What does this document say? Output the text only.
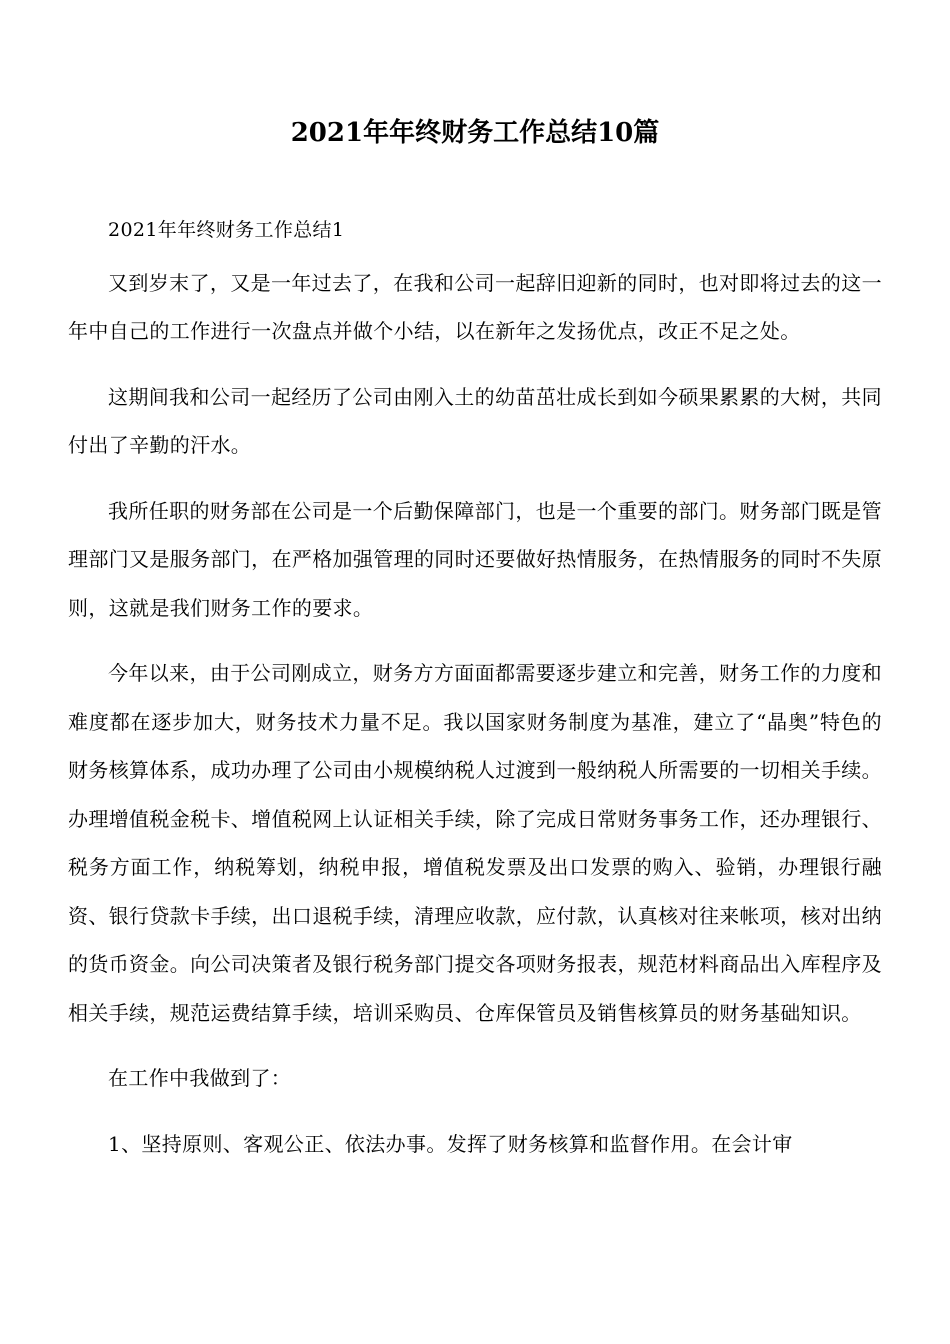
2021年年终财务工作总结10篇

2021年年终财务工作总结1

又到岁末了，又是一年过去了，在我和公司一起辞旧迎新的同时，也对即将过去的这一年中自己的工作进行一次盘点并做个小结，以在新年之发扬优点，改正不足之处。

这期间我和公司一起经历了公司由刚入土的幼苗茁壮成长到如今硕果累累的大树，共同付出了辛勤的汗水。

我所任职的财务部在公司是一个后勤保障部门，也是一个重要的部门。财务部门既是管理部门又是服务部门，在严格加强管理的同时还要做好热情服务，在热情服务的同时不失原则，这就是我们财务工作的要求。

今年以来，由于公司刚成立，财务方方面面都需要逐步建立和完善，财务工作的力度和难度都在逐步加大，财务技术力量不足。我以国家财务制度为基准，建立了“晶奥”特色的财务核算体系，成功办理了公司由小规模纳税人过渡到一般纳税人所需要的一切相关手续。办理增值税金税卡、增值税网上认证相关手续，除了完成日常财务事务工作，还办理银行、税务方面工作，纳税筹划，纳税申报，增值税发票及出口发票的购入、验销，办理银行融资、银行贷款卡手续，出口退税手续，清理应收款，应付款，认真核对往来帐项，核对出纳的货币资金。向公司决策者及银行税务部门提交各项财务报表，规范材料商品出入库程序及相关手续，规范运费结算手续，培训采购员、仓库保管员及销售核算员的财务基础知识。

在工作中我做到了：

1、坚持原则、客观公正、依法办事。发挥了财务核算和监督作用。在会计审
